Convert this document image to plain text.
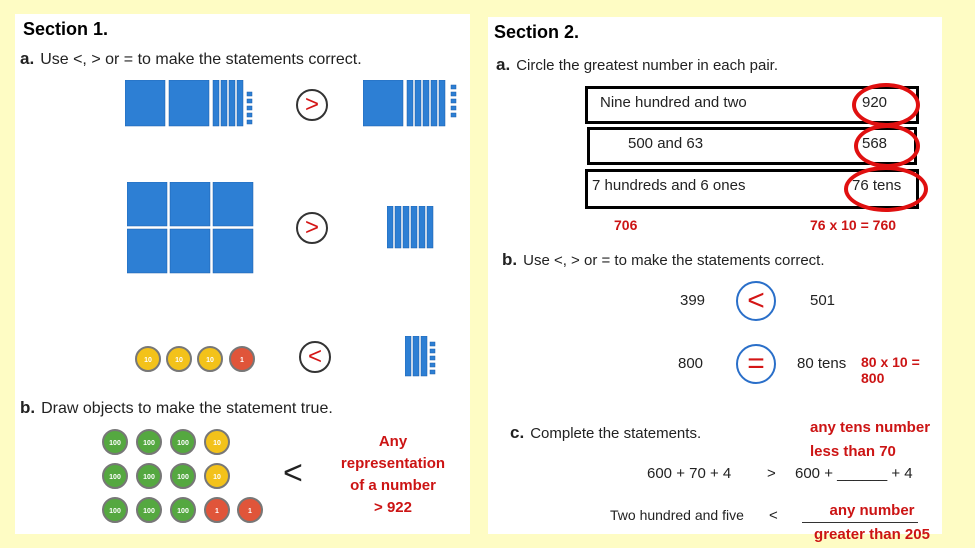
Section 1.
a. Use <, > or = to make the statements correct.
>
>
10	10	10	1	<
b. Draw objects to make the statement true.
100	100	100	10
100	100	100	10
100	100	100	1	1
<
Any
representation
of a number
> 922
Section 2.
a. Circle the greatest number in each pair.
Nine hundred and two	920
500 and 63	568
7 hundreds and 6 ones	76 tens
706	76 x 10 = 760
b. Use <, > or = to make the statements correct.
399	<	501
800	=	80 tens 80 x 10 = 800
c. Complete the statements.	any tens number
less than 70
600 + 70 + 4 > 600 + ______ + 4
Two hundred and five <	any number
greater than 205
